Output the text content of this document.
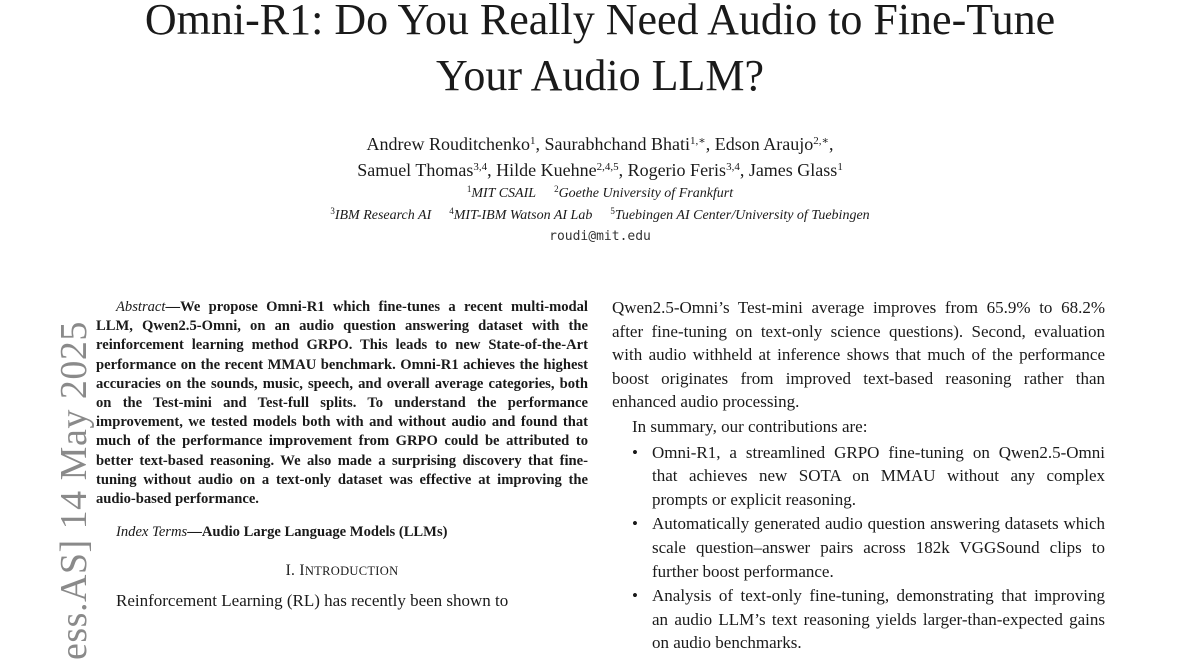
Omni-R1: Do You Really Need Audio to Fine-Tune
Your Audio LLM?
Andrew Rouditchenko$^1$, Saurabhchand Bhati$^{1,∗}$, Edson Araujo$^{2,∗}$,
Samuel Thomas$^{3,4}$, Hilde Kuehne$^{2,4,5}$, Rogerio Feris$^{3,4}$, James Glass$^1$
$^1$MIT CSAIL $^2$Goethe University of Frankfurt
$^3$IBM Research AI $^4$MIT-IBM Watson AI Lab $^5$Tuebingen AI Center/University of Tuebingen
roudi@mit.edu
ess.AS] 14 May 2025

Abstract—We propose Omni-R1 which fine-tunes a recent multi-modal LLM, Qwen2.5-Omni, on an audio question answering dataset with the reinforcement learning method GRPO. This leads to new State-of-the-Art performance on the recent MMAU benchmark. Omni-R1 achieves the highest accuracies on the sounds, music, speech, and overall average categories, both on the Test-mini and Test-full splits. To understand the performance improvement, we tested models both with and without audio and found that much of the performance improvement from GRPO could be attributed to better text-based reasoning. We also made a surprising discovery that fine-tuning without audio on a text-only dataset was effective at improving the audio-based performance.

Index Terms—Audio Large Language Models (LLMs)
I. INTRODUCTION
Reinforcement Learning (RL) has recently been shown to

Qwen2.5-Omni’s Test-mini average improves from 65.9% to 68.2% after fine-tuning on text-only science questions). Second, evaluation with audio withheld at inference shows that much of the performance boost originates from improved text-based reasoning rather than enhanced audio processing.

In summary, our contributions are:

• Omni-R1, a streamlined GRPO fine-tuning on Qwen2.5-Omni that achieves new SOTA on MMAU without any complex prompts or explicit reasoning.
• Automatically generated audio question answering datasets which scale question–answer pairs across 182k VGGSound clips to further boost performance.
• Analysis of text-only fine-tuning, demonstrating that improving an audio LLM’s text reasoning yields larger-than-expected gains on audio benchmarks.
